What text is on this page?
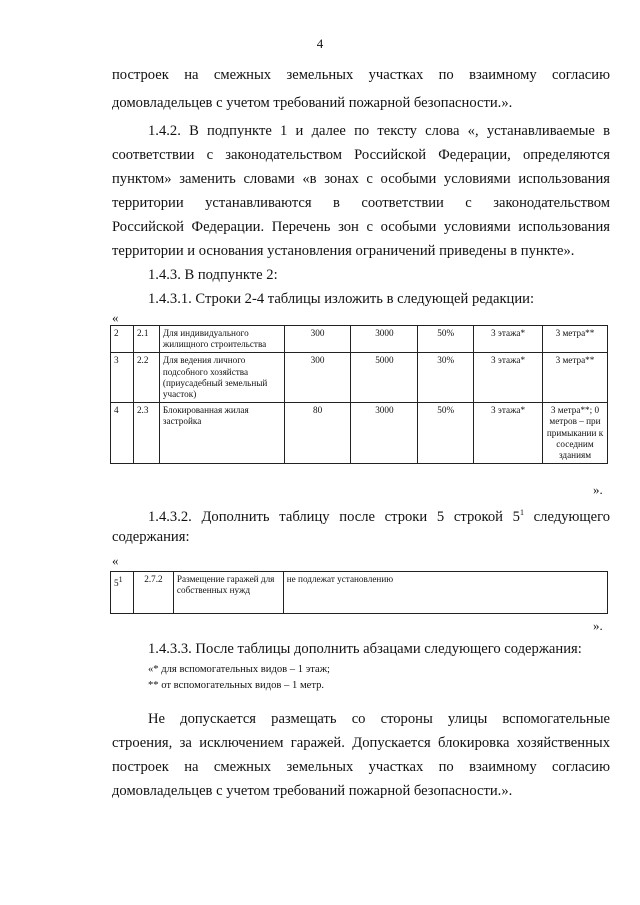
4
построек на смежных земельных участках по взаимному согласию
домовладельцев с учетом требований пожарной безопасности.».
1.4.2. В подпункте 1 и далее по тексту слова «, устанавливаемые в
соответствии с законодательством Российской Федерации, определяются
пунктом» заменить словами «в зонах с особыми условиями использования
территории устанавливаются в соответствии с законодательством
Российской Федерации. Перечень зон с особыми условиями использования
территории и основания установления ограничений приведены в пункте».
1.4.3. В подпункте 2:
1.4.3.1. Строки 2-4 таблицы изложить в следующей редакции:
«
2	2.1	Для индивидуального жилищного строительства	300	3000	50%	3 этажа*	3 метра**
3	2.2	Для ведения личного подсобного хозяйства (приусадебный земельный участок)	300	5000	30%	3 этажа*	3 метра**
4	2.3	Блокированная жилая застройка	80	3000	50%	3 этажа*	3 метра**; 0 метров – при примыкании к соседним зданиям
».
1.4.3.2. Дополнить таблицу после строки 5 строкой $5^1$ следующего
содержания:
«
$5^1$	2.7.2	Размещение гаражей для собственных нужд	не подлежат установлению
».
1.4.3.3. После таблицы дополнить абзацами следующего содержания:
«* для вспомогательных видов – 1 этаж;
** от вспомогательных видов – 1 метр.
Не допускается размещать со стороны улицы вспомогательные
строения, за исключением гаражей. Допускается блокировка хозяйственных
построек на смежных земельных участках по взаимному согласию
домовладельцев с учетом требований пожарной безопасности.».
